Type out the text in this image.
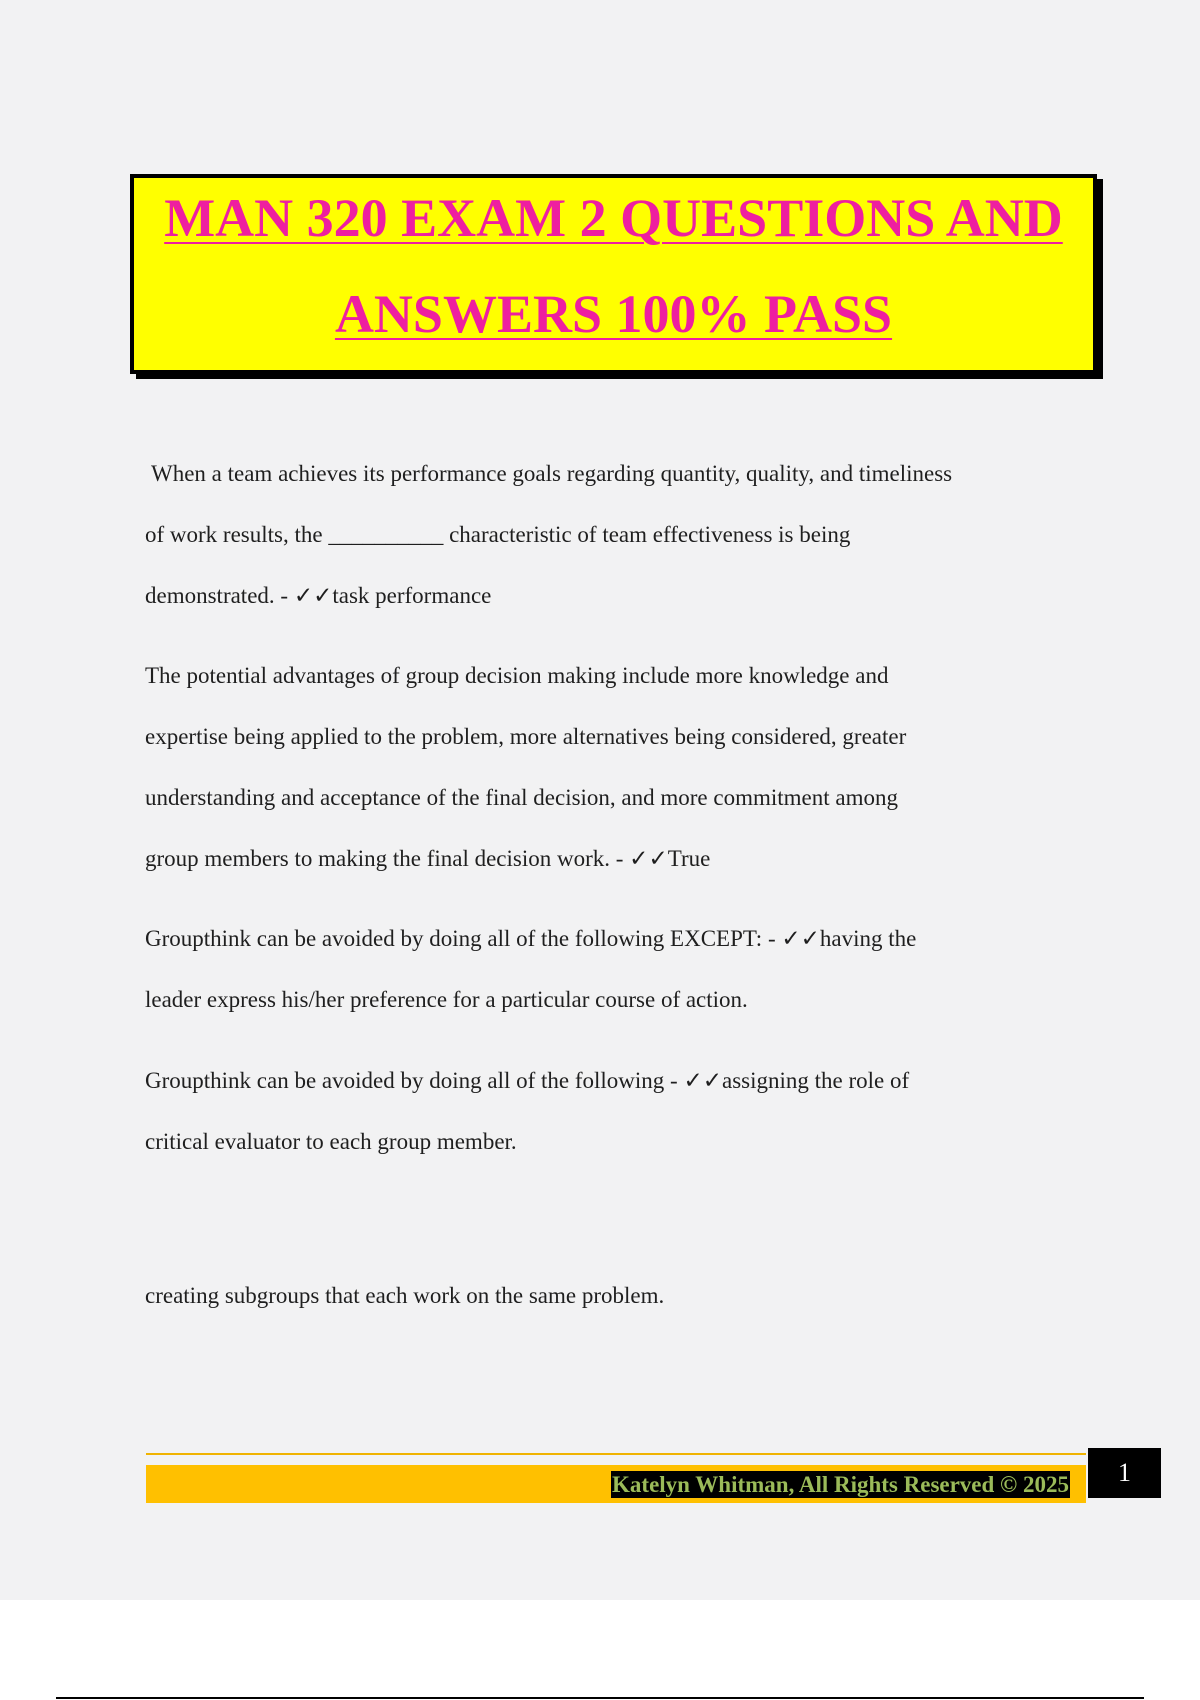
MAN 320 EXAM 2 QUESTIONS AND
ANSWERS 100% PASS

When a team achieves its performance goals regarding quantity, quality, and timeliness

of work results, the __________ characteristic of team effectiveness is being

demonstrated. - ✓✓task performance

The potential advantages of group decision making include more knowledge and

expertise being applied to the problem, more alternatives being considered, greater

understanding and acceptance of the final decision, and more commitment among

group members to making the final decision work. - ✓✓True

Groupthink can be avoided by doing all of the following EXCEPT: - ✓✓having the

leader express his/her preference for a particular course of action.

Groupthink can be avoided by doing all of the following - ✓✓assigning the role of

critical evaluator to each group member.

creating subgroups that each work on the same problem.

Katelyn Whitman, All Rights Reserved © 2025	1
